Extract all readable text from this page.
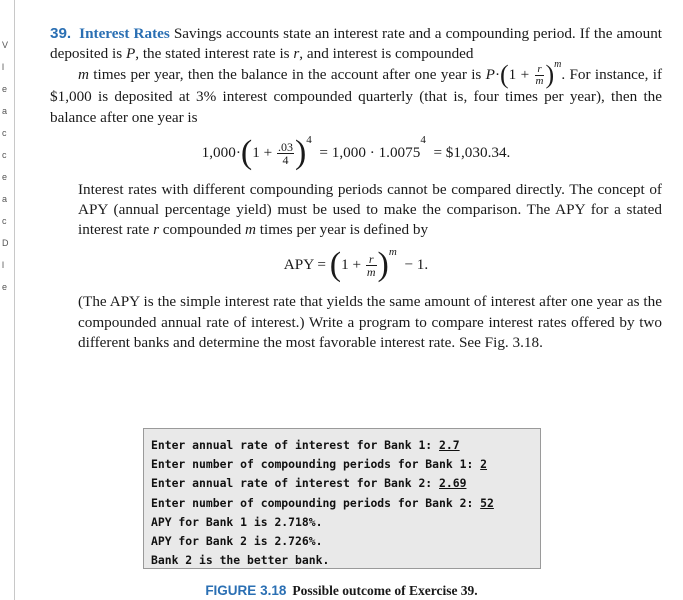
V
l
e
a
c
c
e
a
c
D
l
e

39. Interest Rates Savings accounts state an interest rate and a compounding period. If the amount deposited is P, the stated interest rate is r, and interest is compounded
m times per year, then the balance in the account after one year is $P\cdot(1 + \frac{r}{m} )^m$. For instance, if $1,000 is deposited at 3% interest compounded quarterly (that is, four times per year), then the balance after one year is

$1,000\cdot(1 + \frac{.03}{4} )^4 = 1,000 \cdot 1.0075^4$  = $1,030.34.

Interest rates with different compounding periods cannot be compared directly. The concept of APY (annual percentage yield) must be used to make the comparison. The APY for a stated interest rate r compounded m times per year is defined by

APY = $(1 + \frac{r}{m} )^m - 1$.

(The APY is the simple interest rate that yields the same amount of interest after one year as the compounded annual rate of interest.) Write a program to compare interest rates offered by two different banks and determine the most favorable interest rate. See Fig. 3.18.

Enter annual rate of interest for Bank 1: 2.7
Enter number of compounding periods for Bank 1: 2
Enter annual rate of interest for Bank 2: 2.69
Enter number of compounding periods for Bank 2: 52
APY for Bank 1 is 2.718%.
APY for Bank 2 is 2.726%.
Bank 2 is the better bank.
FIGURE 3.18 Possible outcome of Exercise 39.
